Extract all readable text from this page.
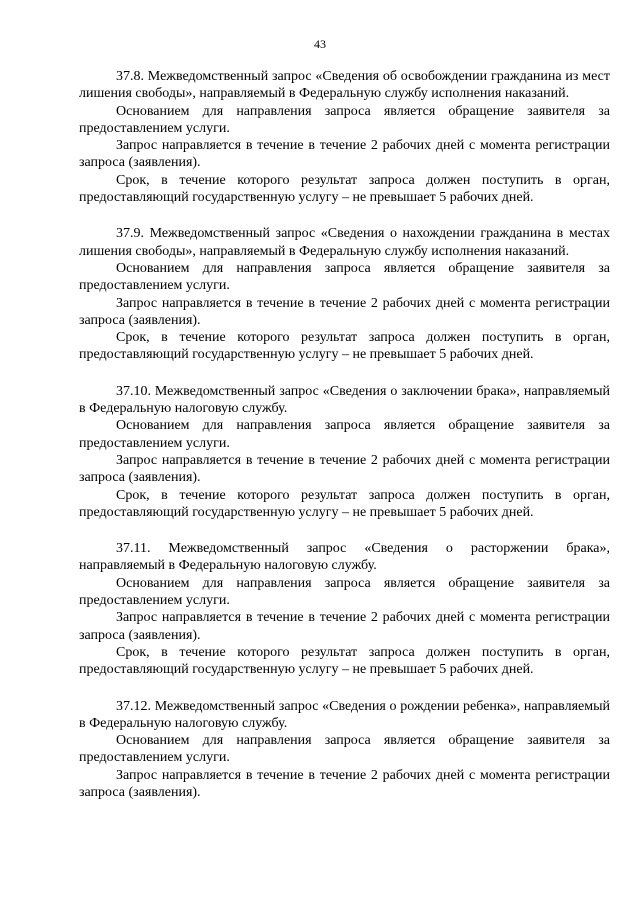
43

37.8. Межведомственный запрос «Сведения об освобождении гражданина из мест лишения свободы», направляемый в Федеральную службу исполнения наказаний.

Основанием для направления запроса является обращение заявителя за предоставлением услуги.

Запрос направляется в течение в течение 2 рабочих дней с момента регистрации запроса (заявления).

Срок, в течение которого результат запроса должен поступить в орган, предоставляющий государственную услугу – не превышает 5 рабочих дней.

37.9. Межведомственный запрос «Сведения о нахождении гражданина в местах лишения свободы», направляемый в Федеральную службу исполнения наказаний.

Основанием для направления запроса является обращение заявителя за предоставлением услуги.

Запрос направляется в течение в течение 2 рабочих дней с момента регистрации запроса (заявления).

Срок, в течение которого результат запроса должен поступить в орган, предоставляющий государственную услугу – не превышает 5 рабочих дней.

37.10. Межведомственный запрос «Сведения о заключении брака», направляемый в Федеральную налоговую службу.

Основанием для направления запроса является обращение заявителя за предоставлением услуги.

Запрос направляется в течение в течение 2 рабочих дней с момента регистрации запроса (заявления).

Срок, в течение которого результат запроса должен поступить в орган, предоставляющий государственную услугу – не превышает 5 рабочих дней.

37.11. Межведомственный запрос «Сведения о расторжении брака», направляемый в Федеральную налоговую службу.

Основанием для направления запроса является обращение заявителя за предоставлением услуги.

Запрос направляется в течение в течение 2 рабочих дней с момента регистрации запроса (заявления).

Срок, в течение которого результат запроса должен поступить в орган, предоставляющий государственную услугу – не превышает 5 рабочих дней.

37.12. Межведомственный запрос «Сведения о рождении ребенка», направляемый в Федеральную налоговую службу.

Основанием для направления запроса является обращение заявителя за предоставлением услуги.

Запрос направляется в течение в течение 2 рабочих дней с момента регистрации запроса (заявления).
